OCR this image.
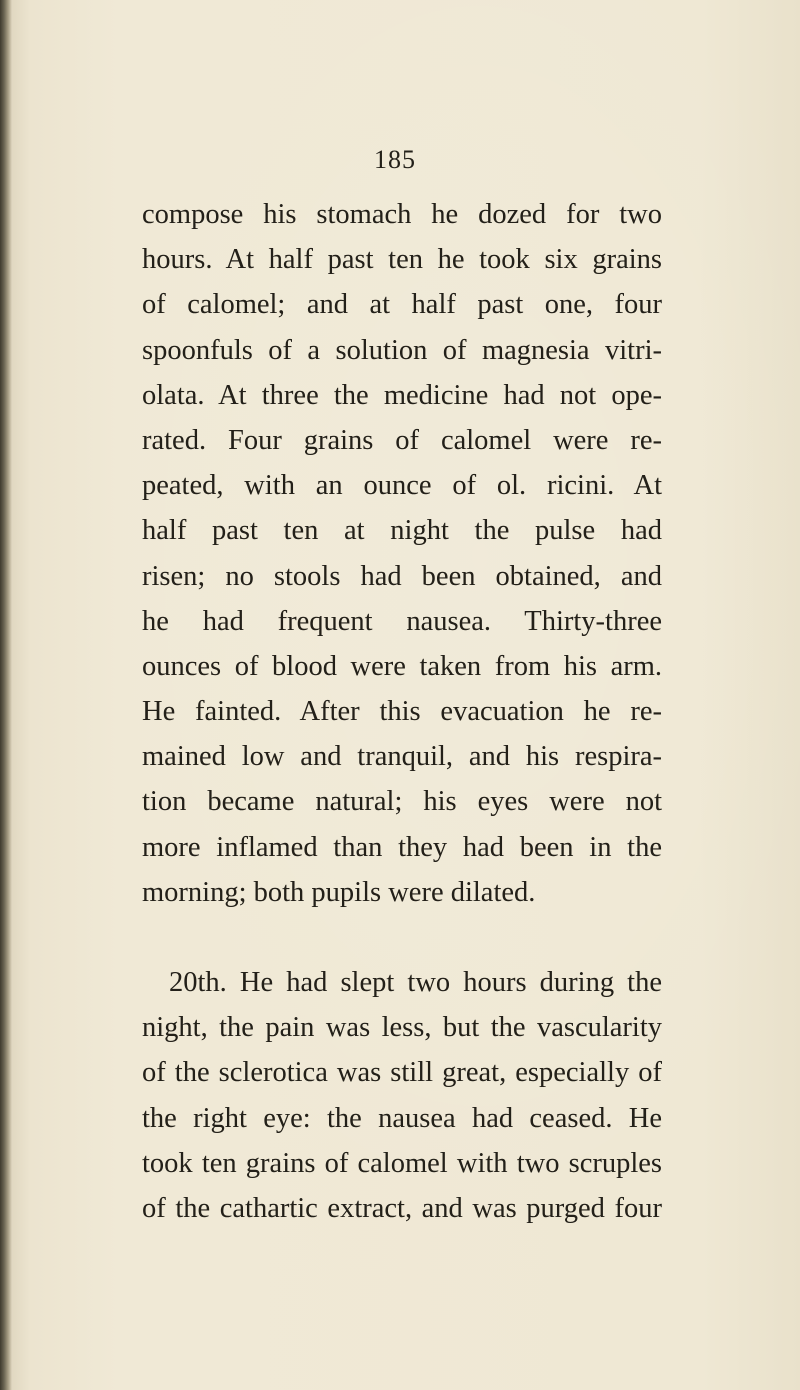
185
compose his stomach he dozed for two
hours. At half past ten he took six grains
of calomel; and at half past one, four
spoonfuls of a solution of magnesia vitri-
olata. At three the medicine had not ope-
rated. Four grains of calomel were re-
peated, with an ounce of ol. ricini. At
half past ten at night the pulse had
risen; no stools had been obtained, and
he had frequent nausea. Thirty-three
ounces of blood were taken from his arm.
He fainted. After this evacuation he re-
mained low and tranquil, and his respira-
tion became natural; his eyes were not
more inflamed than they had been in the
morning; both pupils were dilated.
20th. He had slept two hours during the
night, the pain was less, but the vascularity
of the sclerotica was still great, especially of
the right eye: the nausea had ceased. He
took ten grains of calomel with two scruples
of the cathartic extract, and was purged four
